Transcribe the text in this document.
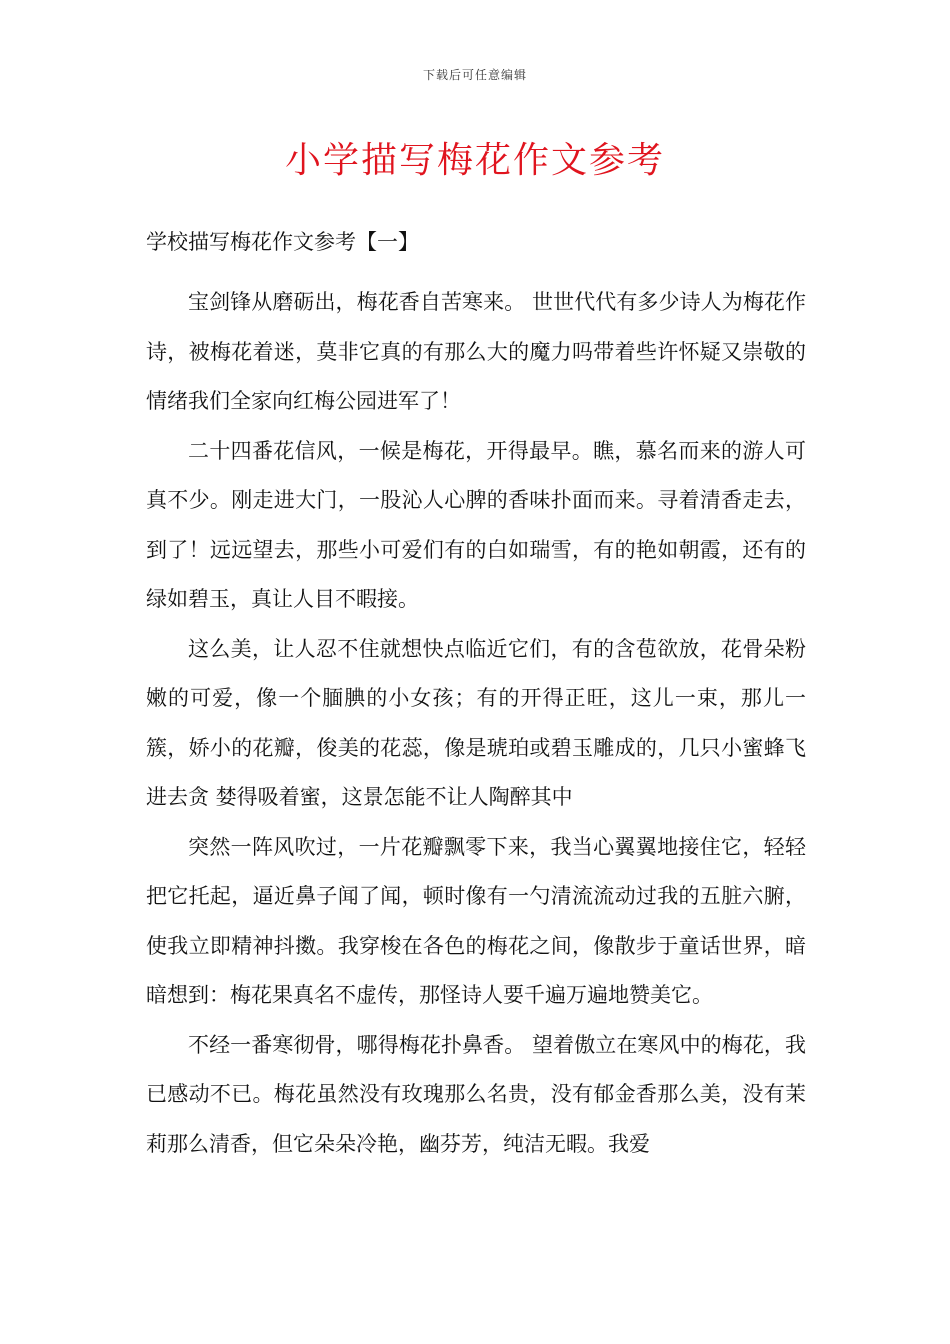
下载后可任意编辑
小学描写梅花作文参考
学校描写梅花作文参考【一】

宝剑锋从磨砺出，梅花香自苦寒来。 世世代代有多少诗人为梅花作诗，被梅花着迷，莫非它真的有那么大的魔力吗带着些许怀疑又崇敬的情绪我们全家向红梅公园进军了！

二十四番花信风，一候是梅花，开得最早。瞧，慕名而来的游人可真不少。刚走进大门，一股沁人心脾的香味扑面而来。寻着清香走去，到了！远远望去，那些小可爱们有的白如瑞雪，有的艳如朝霞，还有的绿如碧玉，真让人目不暇接。

这么美，让人忍不住就想快点临近它们，有的含苞欲放，花骨朵粉嫩的可爱，像一个腼腆的小女孩；有的开得正旺，这儿一束，那儿一簇，娇小的花瓣，俊美的花蕊，像是琥珀或碧玉雕成的，几只小蜜蜂飞进去贪 婪得吸着蜜，这景怎能不让人陶醉其中

突然一阵风吹过，一片花瓣飘零下来，我当心翼翼地接住它，轻轻把它托起，逼近鼻子闻了闻，顿时像有一勺清流流动过我的五脏六腑，使我立即精神抖擞。我穿梭在各色的梅花之间，像散步于童话世界，暗暗想到：梅花果真名不虚传，那怪诗人要千遍万遍地赞美它。

不经一番寒彻骨，哪得梅花扑鼻香。 望着傲立在寒风中的梅花，我已感动不已。梅花虽然没有玫瑰那么名贵，没有郁金香那么美，没有茉莉那么清香，但它朵朵冷艳，幽芬芳，纯洁无暇。我爱
